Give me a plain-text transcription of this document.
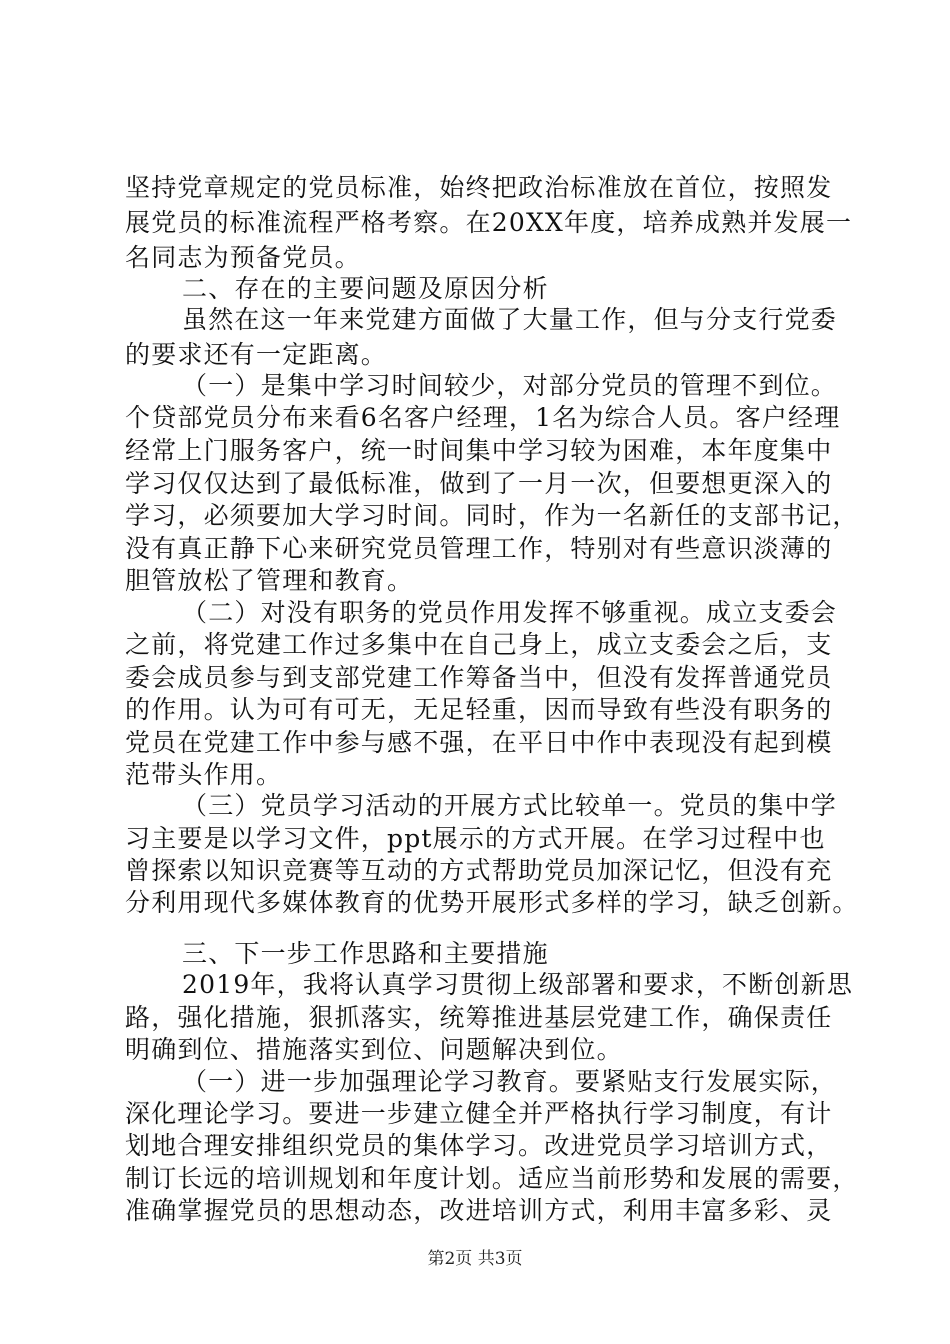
坚持党章规定的党员标准，始终把政治标准放在首位，按照发
展党员的标准流程严格考察。在20XX年度，培养成熟并发展一
名同志为预备党员。
二、存在的主要问题及原因分析
虽然在这一年来党建方面做了大量工作，但与分支行党委
的要求还有一定距离。
（一）是集中学习时间较少，对部分党员的管理不到位。
个贷部党员分布来看6名客户经理，1名为综合人员。客户经理
经常上门服务客户，统一时间集中学习较为困难，本年度集中
学习仅仅达到了最低标准，做到了一月一次，但要想更深入的
学习，必须要加大学习时间。同时，作为一名新任的支部书记，
没有真正静下心来研究党员管理工作，特别对有些意识淡薄的
胆管放松了管理和教育。
（二）对没有职务的党员作用发挥不够重视。成立支委会
之前，将党建工作过多集中在自己身上，成立支委会之后，支
委会成员参与到支部党建工作筹备当中，但没有发挥普通党员
的作用。认为可有可无，无足轻重，因而导致有些没有职务的
党员在党建工作中参与感不强，在平日中作中表现没有起到模
范带头作用。
（三）党员学习活动的开展方式比较单一。党员的集中学
习主要是以学习文件，ppt展示的方式开展。在学习过程中也
曾探索以知识竞赛等互动的方式帮助党员加深记忆，但没有充
分利用现代多媒体教育的优势开展形式多样的学习，缺乏创新。
三、下一步工作思路和主要措施
2019年，我将认真学习贯彻上级部署和要求，不断创新思
路，强化措施，狠抓落实，统筹推进基层党建工作，确保责任
明确到位、措施落实到位、问题解决到位。
（一）进一步加强理论学习教育。要紧贴支行发展实际，
深化理论学习。要进一步建立健全并严格执行学习制度，有计
划地合理安排组织党员的集体学习。改进党员学习培训方式，
制订长远的培训规划和年度计划。适应当前形势和发展的需要，
准确掌握党员的思想动态，改进培训方式，利用丰富多彩、灵
第2页 共3页
